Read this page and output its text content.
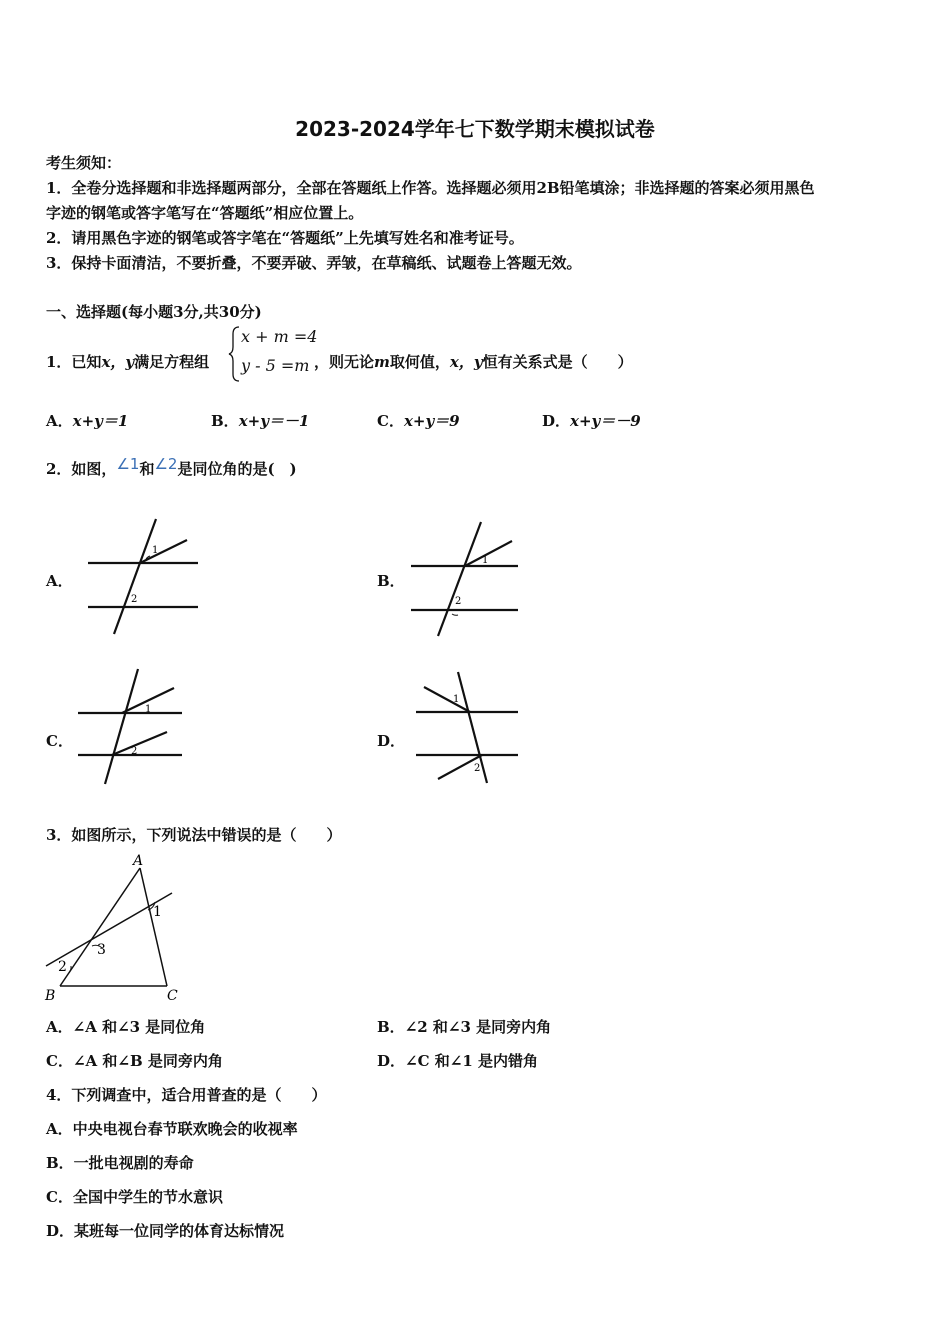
2023-2024学年七下数学期末模拟试卷
考生须知：
1．全卷分选择题和非选择题两部分，全部在答题纸上作答。选择题必须用2B铅笔填涂；非选择题的答案必须用黑色
字迹的钢笔或答字笔写在“答题纸”相应位置上。
2．请用黑色字迹的钢笔或答字笔在“答题纸”上先填写姓名和准考证号。
3．保持卡面清洁，不要折叠，不要弄破、弄皱，在草稿纸、试题卷上答题无效。
一、选择题(每小题3分,共30分)
1．已知x，y满足方程组
x + m =4
y - 5 =m ，则无论m取何值，x，y恒有关系式是（　　）
A．x+y＝1	B．x+y＝－1	C．x+y＝9	D．x+y＝－9
2．如图，∠1和∠2是同位角的是(　)
A．
1
2
B．
1
2
C．
1
2
D．
1
2
3．如图所示，下列说法中错误的是（　　）
A
B	C
1
2
3
A．∠A 和∠3 是同位角	B．∠2 和∠3 是同旁内角
C．∠A 和∠B 是同旁内角	D．∠C 和∠1 是内错角
4．下列调查中，适合用普查的是（　　）
A．中央电视台春节联欢晚会的收视率
B．一批电视剧的寿命
C．全国中学生的节水意识
D．某班每一位同学的体育达标情况
